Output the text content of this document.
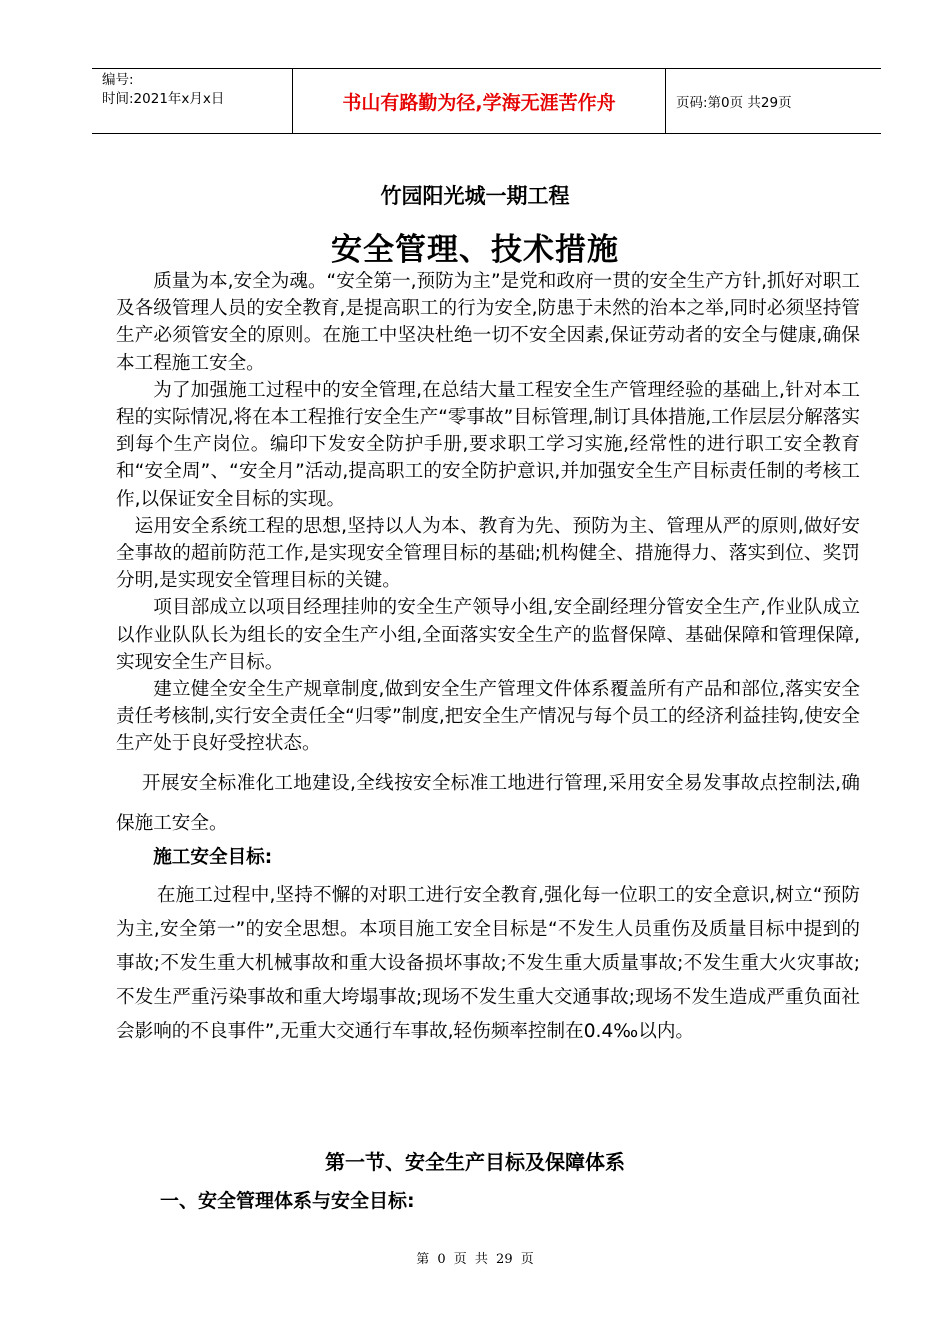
编号:
时间:2021年x月x日	书山有路勤为径,学海无涯苦作舟	页码:第0页 共29页
竹园阳光城一期工程
安全管理、技术措施

质量为本,安全为魂。“安全第一,预防为主”是党和政府一贯的安全生产方针,抓好对职工及各级管理人员的安全教育,是提高职工的行为安全,防患于未然的治本之举,同时必须坚持管生产必须管安全的原则。在施工中坚决杜绝一切不安全因素,保证劳动者的安全与健康,确保本工程施工安全。

为了加强施工过程中的安全管理,在总结大量工程安全生产管理经验的基础上,针对本工程的实际情况,将在本工程推行安全生产“零事故”目标管理,制订具体措施,工作层层分解落实到每个生产岗位。编印下发安全防护手册,要求职工学习实施,经常性的进行职工安全教育和“安全周”、“安全月”活动,提高职工的安全防护意识,并加强安全生产目标责任制的考核工作,以保证安全目标的实现。

运用安全系统工程的思想,坚持以人为本、教育为先、预防为主、管理从严的原则,做好安全事故的超前防范工作,是实现安全管理目标的基础;机构健全、措施得力、落实到位、奖罚分明,是实现安全管理目标的关键。

项目部成立以项目经理挂帅的安全生产领导小组,安全副经理分管安全生产,作业队成立以作业队队长为组长的安全生产小组,全面落实安全生产的监督保障、基础保障和管理保障,实现安全生产目标。

建立健全安全生产规章制度,做到安全生产管理文件体系覆盖所有产品和部位,落实安全责任考核制,实行安全责任全“归零”制度,把安全生产情况与每个员工的经济利益挂钩,使安全生产处于良好受控状态。

开展安全标准化工地建设,全线按安全标准工地进行管理,采用安全易发事故点控制法,确保施工安全。

施工安全目标:

在施工过程中,坚持不懈的对职工进行安全教育,强化每一位职工的安全意识,树立“预防为主,安全第一”的安全思想。本项目施工安全目标是“不发生人员重伤及质量目标中提到的事故;不发生重大机械事故和重大设备损坏事故;不发生重大质量事故;不发生重大火灾事故;不发生严重污染事故和重大垮塌事故;现场不发生重大交通事故;现场不发生造成严重负面社会影响的不良事件”,无重大交通行车事故,轻伤频率控制在0.4‰以内。

第一节、安全生产目标及保障体系
一、安全管理体系与安全目标:
第 0 页 共 29 页
